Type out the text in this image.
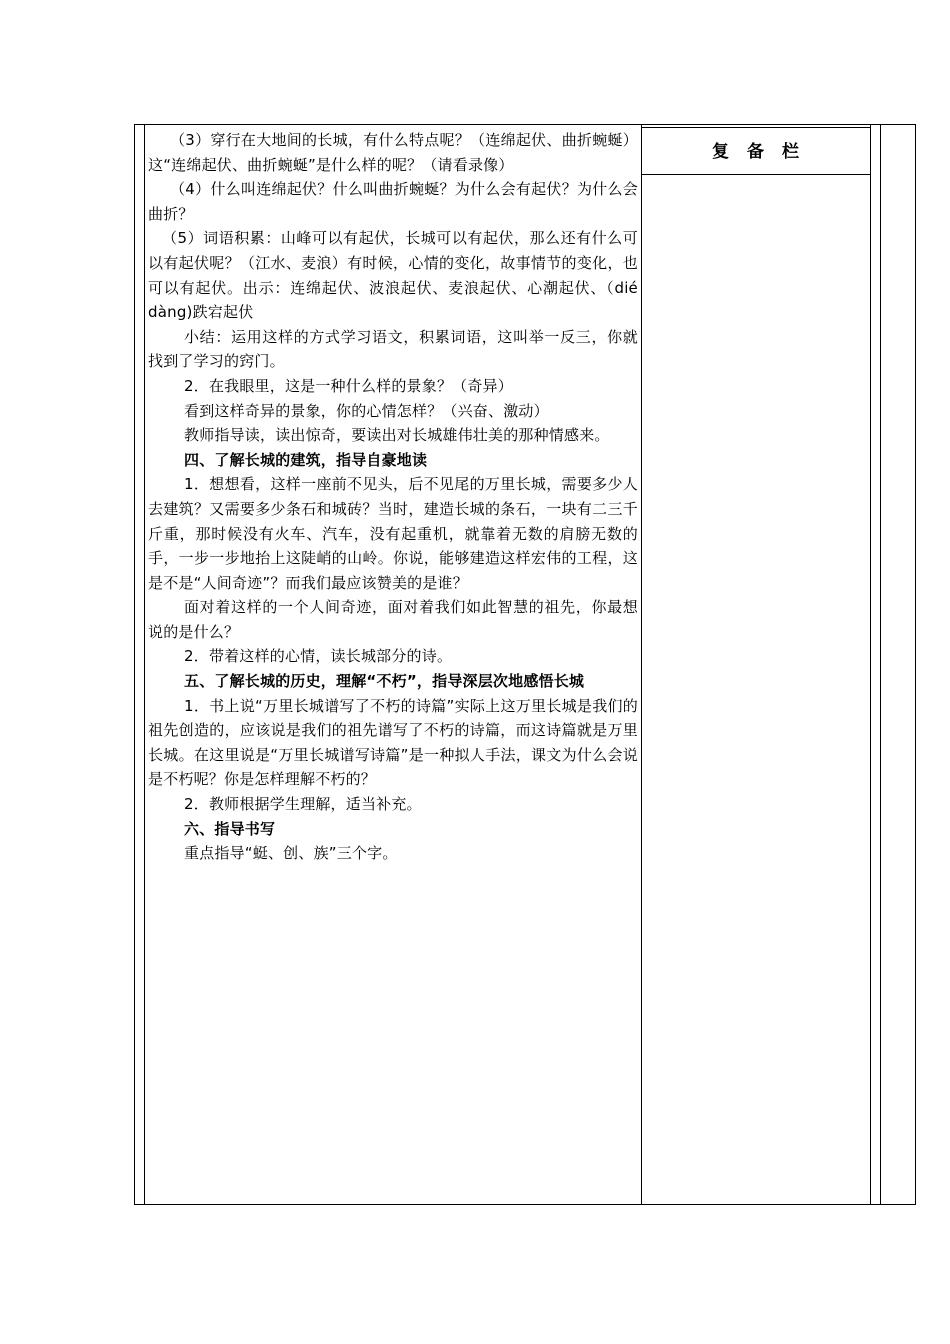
复备栏

（3）穿行在大地间的长城，有什么特点呢？（连绵起伏、曲折蜿蜒）这“连绵起伏、曲折蜿蜒”是什么样的呢？（请看录像）

（4）什么叫连绵起伏？什么叫曲折蜿蜒？为什么会有起伏？为什么会曲折？

（5）词语积累：山峰可以有起伏，长城可以有起伏，那么还有什么可以有起伏呢？（江水、麦浪）有时候，心情的变化，故事情节的变化，也可以有起伏。出示：连绵起伏、波浪起伏、麦浪起伏、心潮起伏、（dié dàng)跌宕起伏

小结：运用这样的方式学习语文，积累词语，这叫举一反三，你就找到了学习的窍门。

2．在我眼里，这是一种什么样的景象？（奇异）

看到这样奇异的景象，你的心情怎样？（兴奋、激动）

教师指导读，读出惊奇，要读出对长城雄伟壮美的那种情感来。

四、了解长城的建筑，指导自豪地读

1．想想看，这样一座前不见头，后不见尾的万里长城，需要多少人去建筑？又需要多少条石和城砖？当时，建造长城的条石，一块有二三千斤重，那时候没有火车、汽车，没有起重机，就靠着无数的肩膀无数的手，一步一步地抬上这陡峭的山岭。你说，能够建造这样宏伟的工程，这是不是“人间奇迹”？而我们最应该赞美的是谁？

面对着这样的一个人间奇迹，面对着我们如此智慧的祖先，你最想说的是什么？

2．带着这样的心情，读长城部分的诗。

五、了解长城的历史，理解“不朽”，指导深层次地感悟长城

1．书上说“万里长城谱写了不朽的诗篇”实际上这万里长城是我们的祖先创造的，应该说是我们的祖先谱写了不朽的诗篇，而这诗篇就是万里长城。在这里说是“万里长城谱写诗篇”是一种拟人手法，课文为什么会说是不朽呢？你是怎样理解不朽的？

2．教师根据学生理解，适当补充。

六、指导书写

重点指导“蜓、创、族”三个字。
